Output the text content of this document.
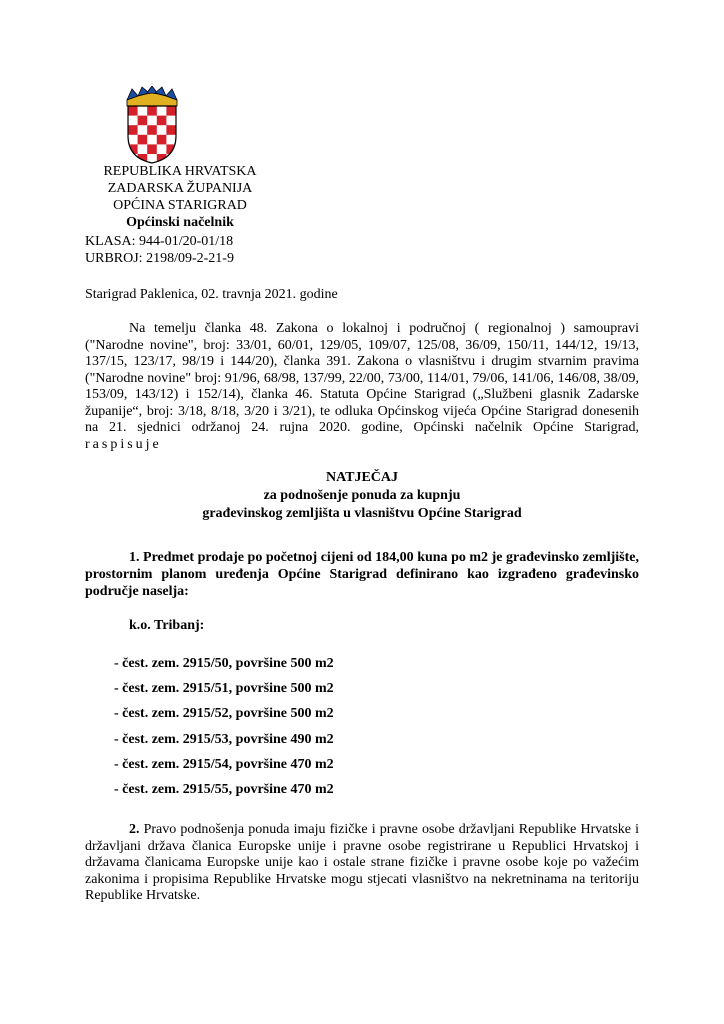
REPUBLIKA HRVATSKA
ZADARSKA ŽUPANIJA
OPĆINA STARIGRAD
Općinski načelnik
KLASA: 944-01/20-01/18
URBROJ: 2198/09-2-21-9
Starigrad Paklenica, 02. travnja 2021. godine
Na temelju članka 48. Zakona o lokalnoj i područnoj ( regionalnoj ) samoupravi ("Narodne novine", broj: 33/01, 60/01, 129/05, 109/07, 125/08, 36/09, 150/11, 144/12, 19/13, 137/15, 123/17, 98/19 i 144/20), članka 391. Zakona o vlasništvu i drugim stvarnim pravima ("Narodne novine" broj: 91/96, 68/98, 137/99, 22/00, 73/00, 114/01, 79/06, 141/06, 146/08, 38/09, 153/09, 143/12) i 152/14), članka 46. Statuta Općine Starigrad („Službeni glasnik Zadarske županije“, broj: 3/18, 8/18, 3/20 i 3/21), te odluka Općinskog vijeća Općine Starigrad donesenih na 21. sjednici održanoj 24. rujna 2020. godine, Općinski načelnik Općine Starigrad, raspisuje
NATJEČAJ
za podnošenje ponuda za kupnju
građevinskog zemljišta u vlasništvu Općine Starigrad
1. Predmet prodaje po početnoj cijeni od 184,00 kuna po m2 je građevinsko zemljište, prostornim planom uređenja Općine Starigrad definirano kao izgrađeno građevinsko područje naselja:
k.o. Tribanj:
- čest. zem. 2915/50, površine 500 m2
- čest. zem. 2915/51, površine 500 m2
- čest. zem. 2915/52, površine 500 m2
- čest. zem. 2915/53, površine 490 m2
- čest. zem. 2915/54, površine 470 m2
- čest. zem. 2915/55, površine 470 m2
2. Pravo podnošenja ponuda imaju fizičke i pravne osobe državljani Republike Hrvatske i državljani država članica Europske unije i pravne osobe registrirane u Republici Hrvatskoj i državama članicama Europske unije kao i ostale strane fizičke i pravne osobe koje po važećim zakonima i propisima Republike Hrvatske mogu stjecati vlasništvo na nekretninama na teritoriju Republike Hrvatske.
